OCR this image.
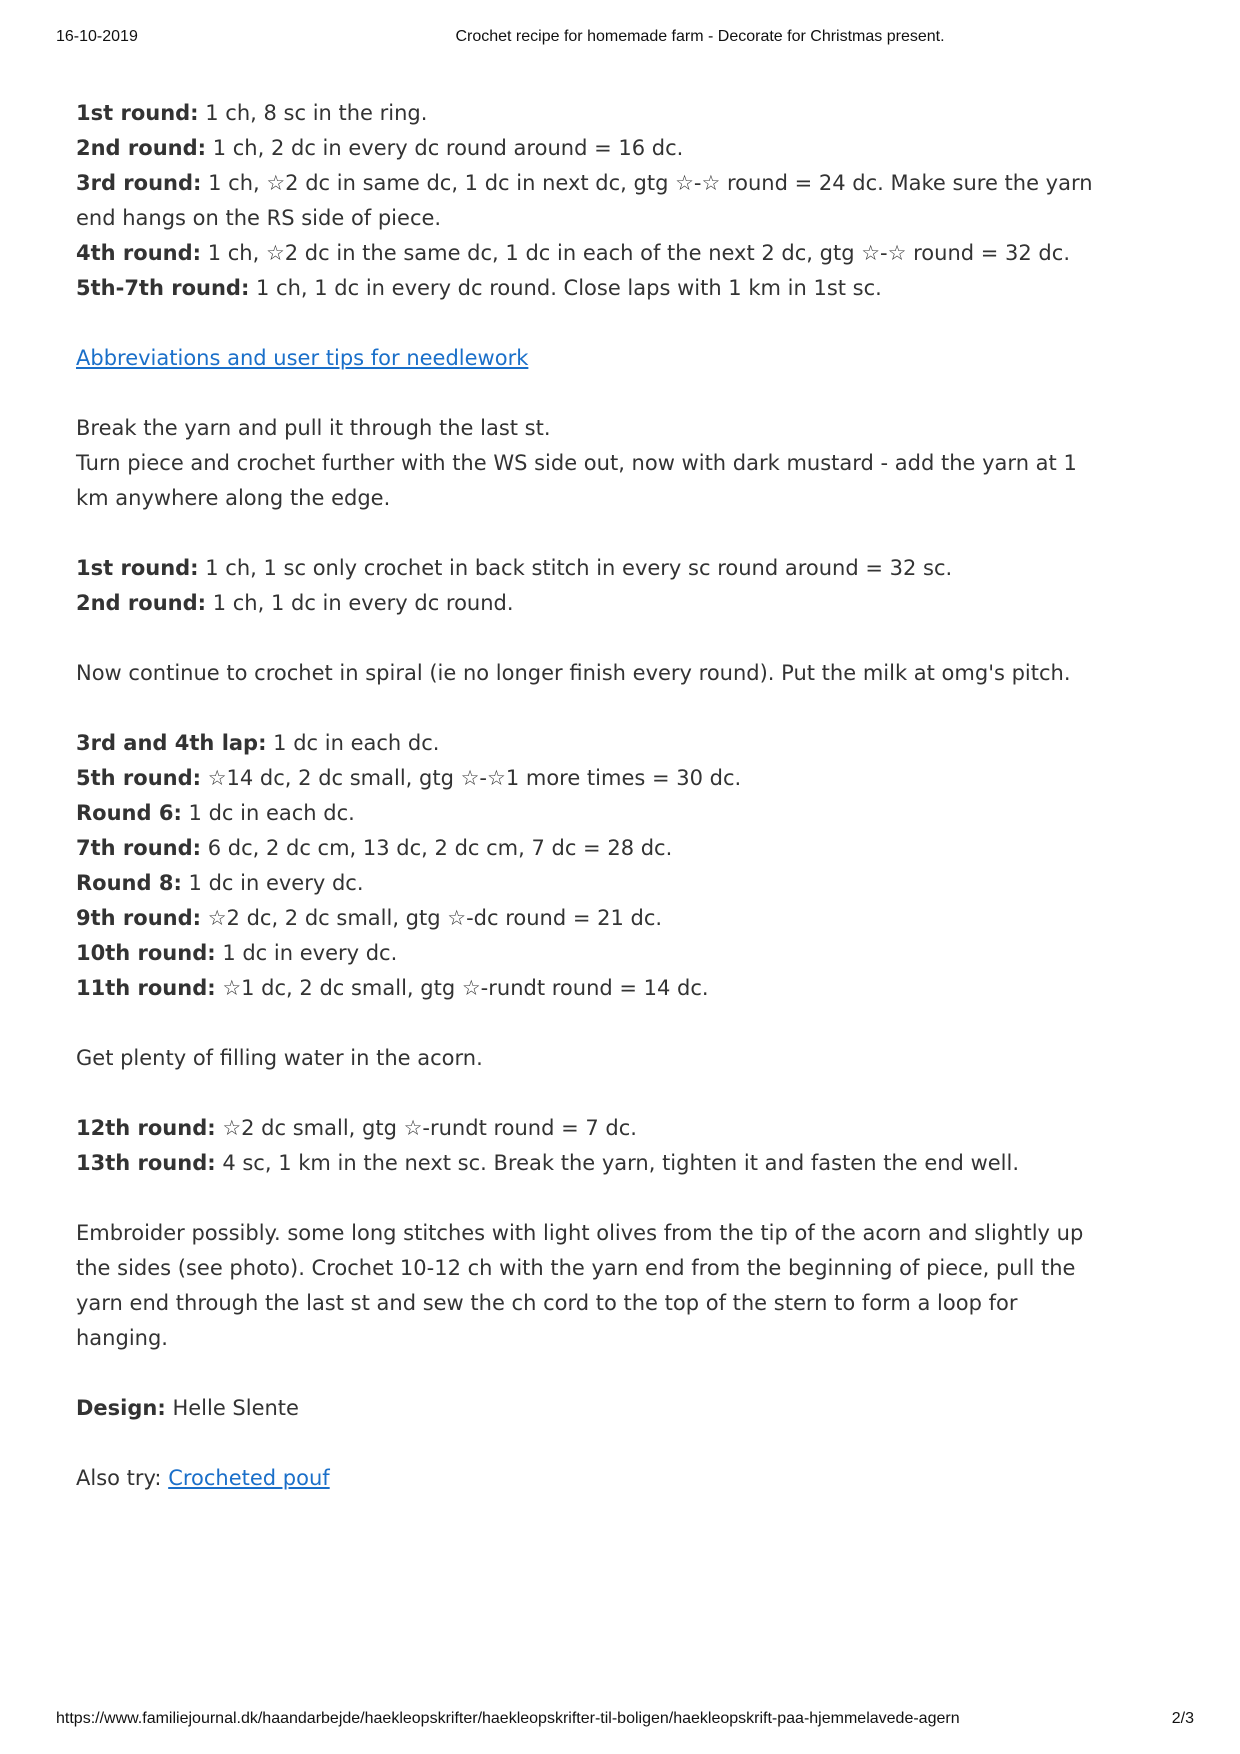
16-10-2019	Crochet recipe for homemade farm - Decorate for Christmas present.

1st round: 1 ch, 8 sc in the ring.
2nd round: 1 ch, 2 dc in every dc round around = 16 dc.
3rd round: 1 ch, ☆2 dc in same dc, 1 dc in next dc, gtg ☆-☆ round = 24 dc. Make sure the yarn end hangs on the RS side of piece.
4th round: 1 ch, ☆2 dc in the same dc, 1 dc in each of the next 2 dc, gtg ☆-☆ round = 32 dc.
5th-7th round: 1 ch, 1 dc in every dc round. Close laps with 1 km in 1st sc.

Abbreviations and user tips for needlework

Break the yarn and pull it through the last st.
Turn piece and crochet further with the WS side out, now with dark mustard - add the yarn at 1 km anywhere along the edge.

1st round: 1 ch, 1 sc only crochet in back stitch in every sc round around = 32 sc.
2nd round: 1 ch, 1 dc in every dc round.

Now continue to crochet in spiral (ie no longer finish every round). Put the milk at omg's pitch.

3rd and 4th lap: 1 dc in each dc.
5th round: ☆14 dc, 2 dc small, gtg ☆-☆1 more times = 30 dc.
Round 6: 1 dc in each dc.
7th round: 6 dc, 2 dc cm, 13 dc, 2 dc cm, 7 dc = 28 dc.
Round 8: 1 dc in every dc.
9th round: ☆2 dc, 2 dc small, gtg ☆-dc round = 21 dc.
10th round: 1 dc in every dc.
11th round: ☆1 dc, 2 dc small, gtg ☆-rundt round = 14 dc.

Get plenty of filling water in the acorn.

12th round: ☆2 dc small, gtg ☆-rundt round = 7 dc.
13th round: 4 sc, 1 km in the next sc. Break the yarn, tighten it and fasten the end well.

Embroider possibly. some long stitches with light olives from the tip of the acorn and slightly up the sides (see photo). Crochet 10-12 ch with the yarn end from the beginning of piece, pull the yarn end through the last st and sew the ch cord to the top of the stern to form a loop for hanging.

Design: Helle Slente

Also try: Crocheted pouf

https://www.familiejournal.dk/haandarbejde/haekleopskrifter/haekleopskrifter-til-boligen/haekleopskrift-paa-hjemmelavede-agern	2/3
